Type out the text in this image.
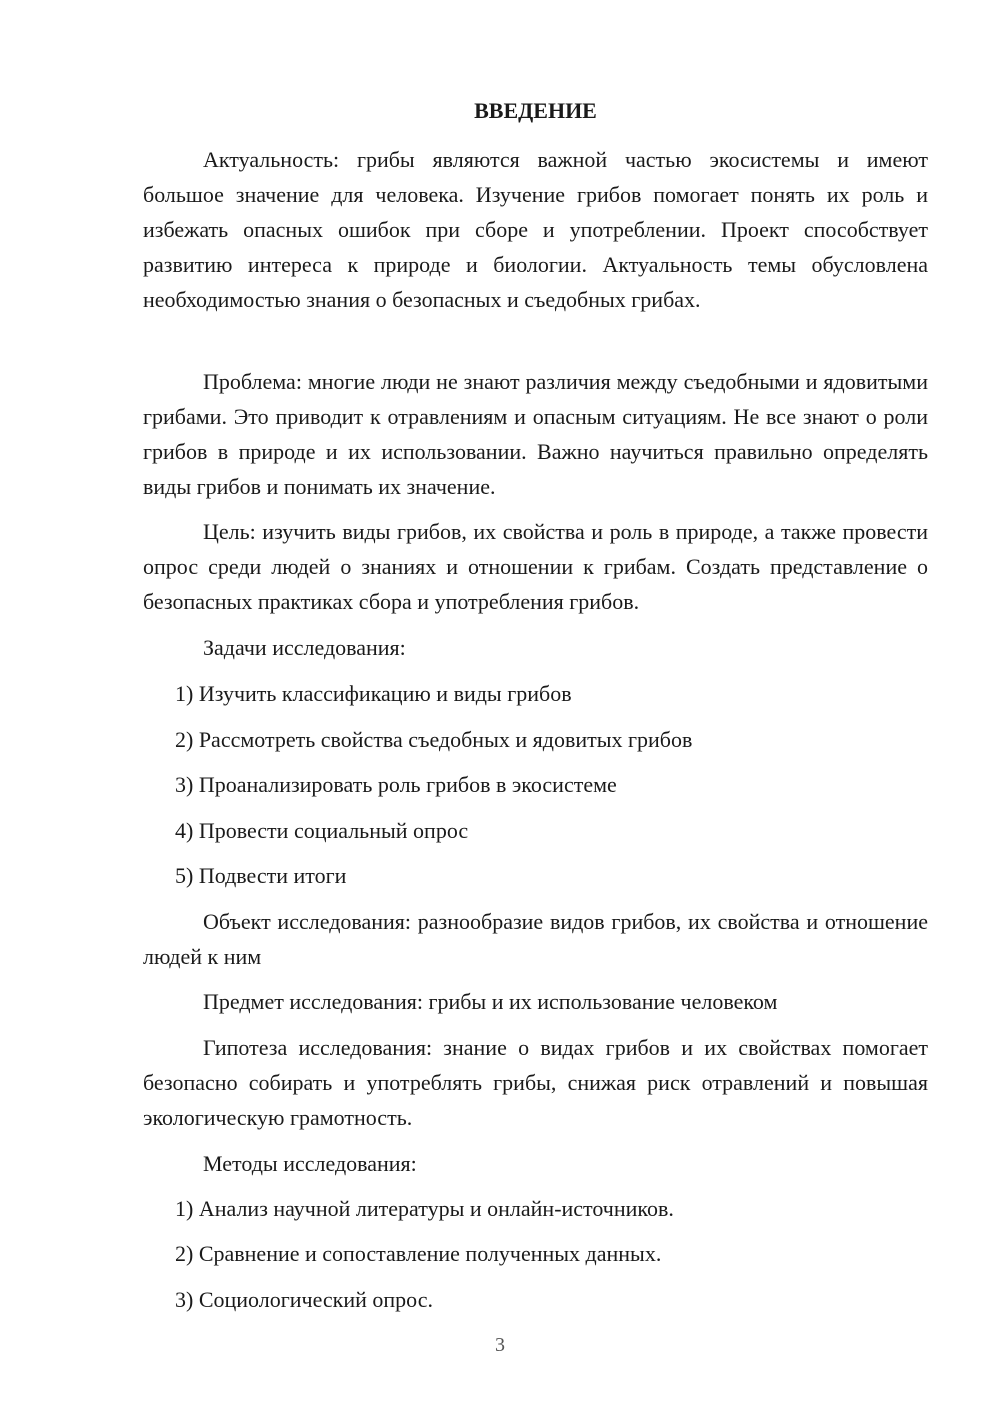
ВВЕДЕНИЕ

Актуальность: грибы являются важной частью экосистемы и имеют большое значение для человека. Изучение грибов помогает понять их роль и избежать опасных ошибок при сборе и употреблении. Проект способствует развитию интереса к природе и биологии. Актуальность темы обусловлена необходимостью знания о безопасных и съедобных грибах.

Проблема: многие люди не знают различия между съедобными и ядовитыми грибами. Это приводит к отравлениям и опасным ситуациям. Не все знают о роли грибов в природе и их использовании. Важно научиться правильно определять виды грибов и понимать их значение.

Цель: изучить виды грибов, их свойства и роль в природе, а также провести опрос среди людей о знаниях и отношении к грибам. Создать представление о безопасных практиках сбора и употребления грибов.

Задачи исследования:

1) Изучить классификацию и виды грибов
2) Рассмотреть свойства съедобных и ядовитых грибов
3) Проанализировать роль грибов в экосистеме
4) Провести социальный опрос
5) Подвести итоги

Объект исследования: разнообразие видов грибов, их свойства и отношение людей к ним

Предмет исследования: грибы и их использование человеком

Гипотеза исследования: знание о видах грибов и их свойствах помогает безопасно собирать и употреблять грибы, снижая риск отравлений и повышая экологическую грамотность.

Методы исследования:

1) Анализ научной литературы и онлайн-источников.
2) Сравнение и сопоставление полученных данных.
3) Социологический опрос.
3
